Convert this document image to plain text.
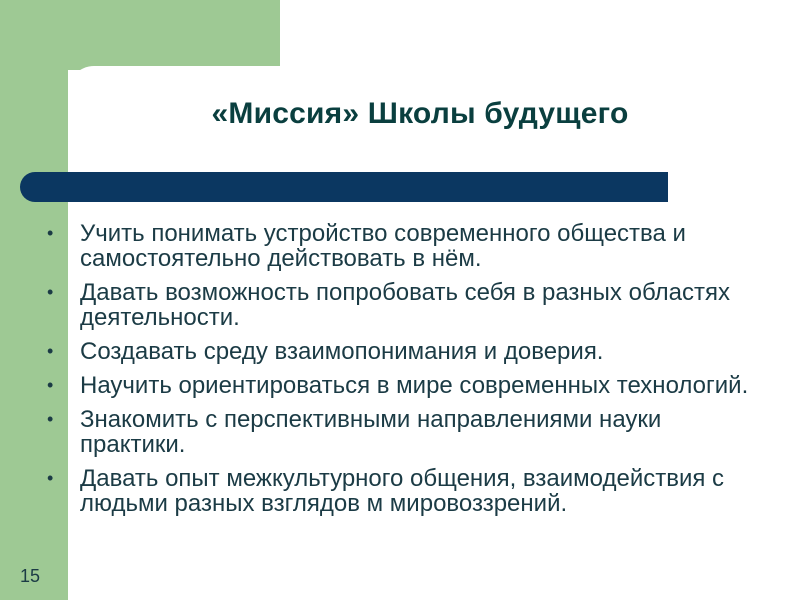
«Миссия» Школы будущего
• Учить понимать устройство современного общества и самостоятельно действовать в нём.
• Давать возможность попробовать себя в разных областях деятельности.
• Создавать среду взаимопонимания и доверия.
• Научить ориентироваться в мире современных технологий.
• Знакомить с перспективными направлениями науки практики.
• Давать опыт межкультурного общения, взаимодействия с людьми разных взглядов м мировоззрений.
15
